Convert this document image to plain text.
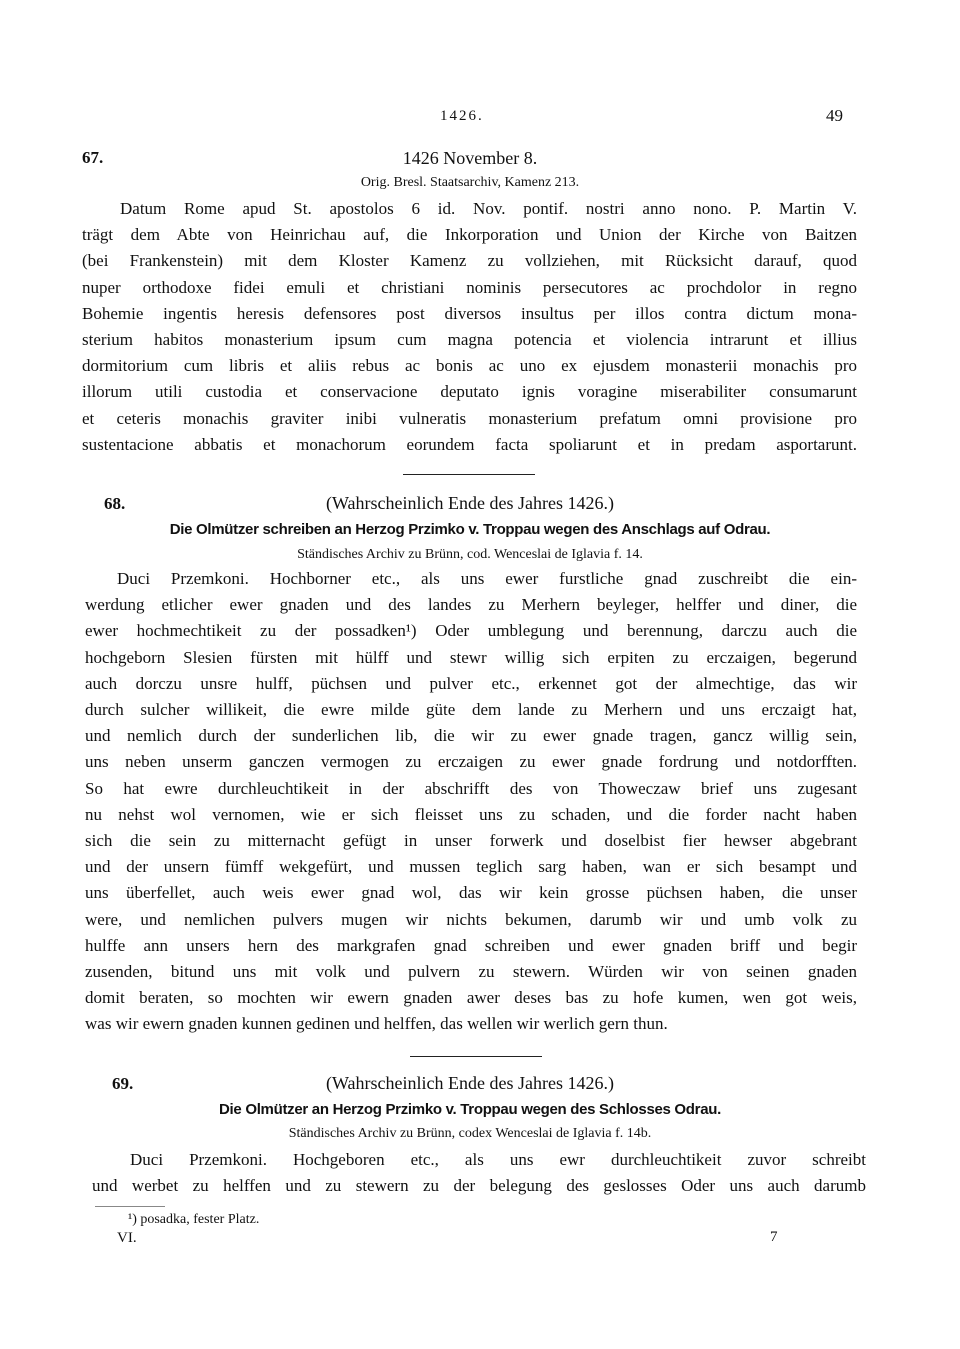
1426.	49
67.	1426 November 8.
Orig. Bresl. Staatsarchiv, Kamenz 213.
Datum Rome apud St. apostolos 6 id. Nov. pontif. nostri anno nono. P. Martin V.
trägt dem Abte von Heinrichau auf, die Inkorporation und Union der Kirche von Baitzen
(bei Frankenstein) mit dem Kloster Kamenz zu vollziehen, mit Rücksicht darauf, quod
nuper orthodoxe fidei emuli et christiani nominis persecutores ac prochdolor in regno
Bohemie ingentis heresis defensores post diversos insultus per illos contra dictum mona-
sterium habitos monasterium ipsum cum magna potencia et violencia intrarunt et illius
dormitorium cum libris et aliis rebus ac bonis ac uno ex ejusdem monasterii monachis pro
illorum utili custodia et conservacione deputato ignis voragine miserabiliter consumarunt
et ceteris monachis graviter inibi vulneratis monasterium prefatum omni provisione pro
sustentacione abbatis et monachorum eorundem facta spoliarunt et in predam asportarunt.
68.	(Wahrscheinlich Ende des Jahres 1426.)
Die Olmützer schreiben an Herzog Przimko v. Troppau wegen des Anschlags auf Odrau.
Ständisches Archiv zu Brünn, cod. Wenceslai de Iglavia f. 14.
Duci Przemkoni. Hochborner etc., als uns ewer furstliche gnad zuschreibt die ein-
werdung etlicher ewer gnaden und des landes zu Merhern beyleger, helffer und diner, die
ewer hochmechtikeit zu der possadken¹) Oder umblegung und berennung, darczu auch die
hochgeborn Slesien fürsten mit hülff und stewr willig sich erpiten zu erczaigen, begerund
auch dorczu unsre hulff, püchsen und pulver etc., erkennet got der almechtige, das wir
durch sulcher willikeit, die ewre milde güte dem lande zu Merhern und uns erczaigt hat,
und nemlich durch der sunderlichen lib, die wir zu ewer gnade tragen, gancz willig sein,
uns neben unserm ganczen vermogen zu erczaigen zu ewer gnade fordrung und notdorfften.
So hat ewre durchleuchtikeit in der abschrifft des von Thoweczaw brief uns zugesant
nu nehst wol vernomen, wie er sich fleisset uns zu schaden, und die forder nacht haben
sich die sein zu mitternacht gefügt in unser forwerk und doselbist fier hewser abgebrant
und der unsern fümff wekgefürt, und mussen teglich sarg haben, wan er sich besampt und
uns überfellet, auch weis ewer gnad wol, das wir kein grosse püchsen haben, die unser
were, und nemlichen pulvers mugen wir nichts bekumen, darumb wir und umb volk zu
hulffe ann unsers hern des markgrafen gnad schreiben und ewer gnaden briff und begir
zusenden, bitund uns mit volk und pulvern zu stewern. Würden wir von seinen gnaden
domit beraten, so mochten wir ewern gnaden awer deses bas zu hofe kumen, wen got weis,
was wir ewern gnaden kunnen gedinen und helffen, das wellen wir werlich gern thun.
69.	(Wahrscheinlich Ende des Jahres 1426.)
Die Olmützer an Herzog Przimko v. Troppau wegen des Schlosses Odrau.
Ständisches Archiv zu Brünn, codex Wenceslai de Iglavia f. 14b.
Duci Przemkoni. Hochgeboren etc., als uns ewr durchleuchtikeit zuvor schreibt
und werbet zu helffen und zu stewern zu der belegung des geslosses Oder uns auch darumb
¹) posadka, fester Platz.
VI.	7
